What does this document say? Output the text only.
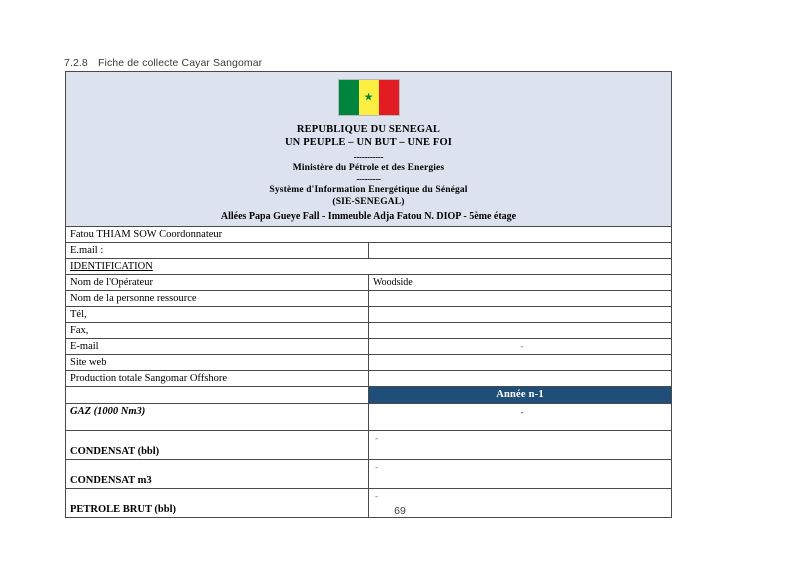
7.2.8 Fiche de collecte Cayar Sangomar
★
REPUBLIQUE DU SENEGAL
UN PEUPLE – UN BUT – UNE FOI
-----------
Ministère du Pétrole et des Energies
---------
Système d'Information Energétique du Sénégal
(SIE-SENEGAL)
Allées Papa Gueye Fall - Immeuble Adja Fatou N. DIOP - 5ème étage

Fatou THIAM SOW Coordonnateur	
E.mail :	
IDENTIFICATION	
Nom de l'Opérateur	Woodside
Nom de la personne ressource	
Tél,	
Fax,	
E-mail	-
Site web	
Production totale Sangomar Offshore	
	Année n-1
GAZ (1000 Nm3)	-

CONDENSAT (bbl)	-

CONDENSAT m3	-

PETROLE BRUT (bbl)	-
69
